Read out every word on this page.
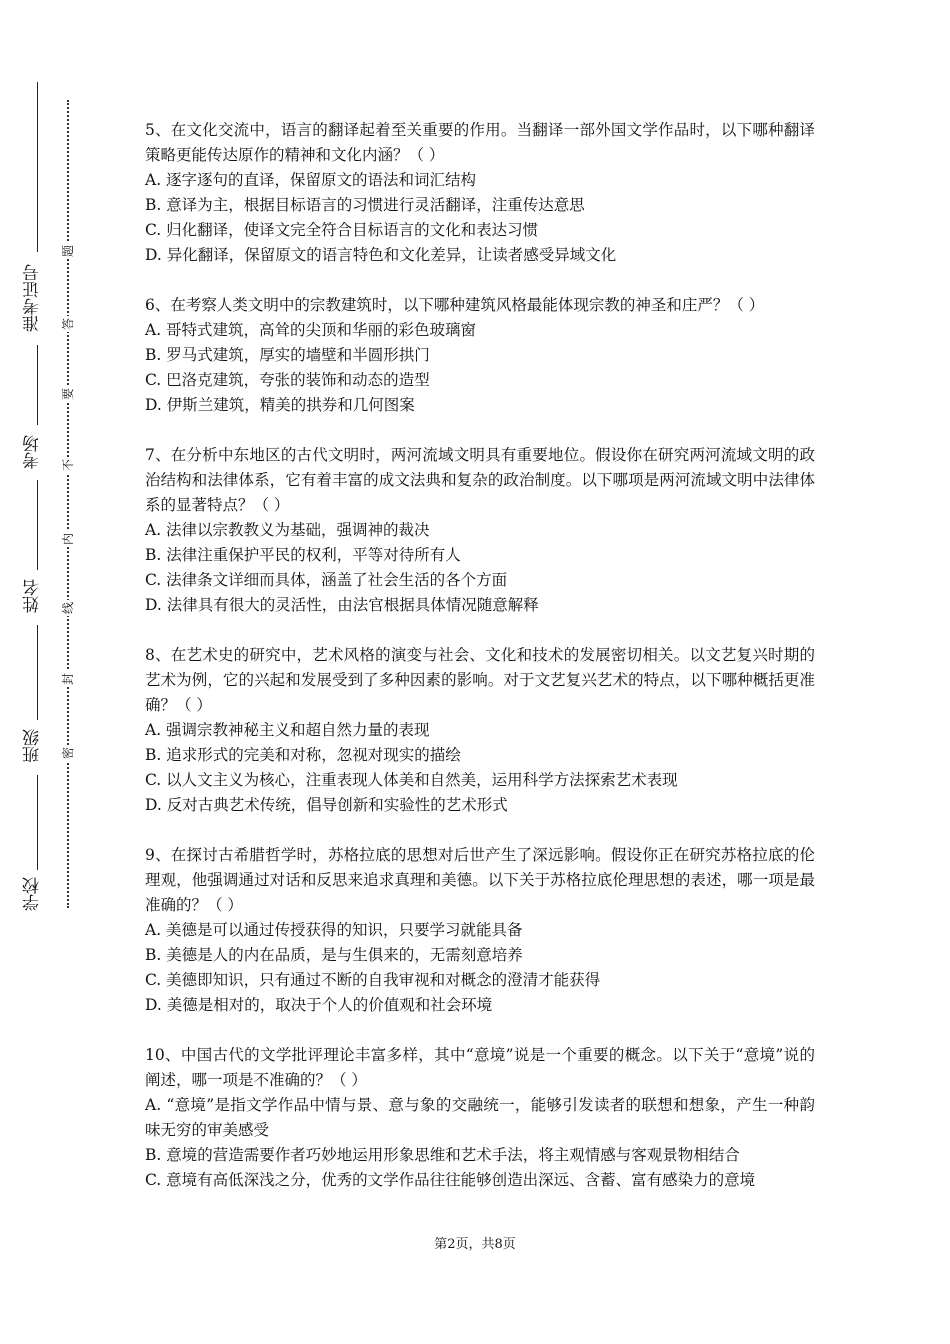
准考证号
考场
姓名
班级
学校
题
答
要
不
内
线
封
密
5、在文化交流中，语言的翻译起着至关重要的作用。当翻译一部外国文学作品时，以下哪种翻译策略更能传达原作的精神和文化内涵？（ ）
A. 逐字逐句的直译，保留原文的语法和词汇结构
B. 意译为主，根据目标语言的习惯进行灵活翻译，注重传达意思
C. 归化翻译，使译文完全符合目标语言的文化和表达习惯
D. 异化翻译，保留原文的语言特色和文化差异，让读者感受异域文化
6、在考察人类文明中的宗教建筑时，以下哪种建筑风格最能体现宗教的神圣和庄严？（ ）
A. 哥特式建筑，高耸的尖顶和华丽的彩色玻璃窗
B. 罗马式建筑，厚实的墙壁和半圆形拱门
C. 巴洛克建筑，夸张的装饰和动态的造型
D. 伊斯兰建筑，精美的拱券和几何图案
7、在分析中东地区的古代文明时，两河流域文明具有重要地位。假设你在研究两河流域文明的政治结构和法律体系，它有着丰富的成文法典和复杂的政治制度。以下哪项是两河流域文明中法律体系的显著特点？（ ）
A. 法律以宗教教义为基础，强调神的裁决
B. 法律注重保护平民的权利，平等对待所有人
C. 法律条文详细而具体，涵盖了社会生活的各个方面
D. 法律具有很大的灵活性，由法官根据具体情况随意解释
8、在艺术史的研究中，艺术风格的演变与社会、文化和技术的发展密切相关。以文艺复兴时期的艺术为例，它的兴起和发展受到了多种因素的影响。对于文艺复兴艺术的特点，以下哪种概括更准确？（ ）
A. 强调宗教神秘主义和超自然力量的表现
B. 追求形式的完美和对称，忽视对现实的描绘
C. 以人文主义为核心，注重表现人体美和自然美，运用科学方法探索艺术表现
D. 反对古典艺术传统，倡导创新和实验性的艺术形式
9、在探讨古希腊哲学时，苏格拉底的思想对后世产生了深远影响。假设你正在研究苏格拉底的伦理观，他强调通过对话和反思来追求真理和美德。以下关于苏格拉底伦理思想的表述，哪一项是最准确的？（ ）
A. 美德是可以通过传授获得的知识，只要学习就能具备
B. 美德是人的内在品质，是与生俱来的，无需刻意培养
C. 美德即知识，只有通过不断的自我审视和对概念的澄清才能获得
D. 美德是相对的，取决于个人的价值观和社会环境
10、中国古代的文学批评理论丰富多样，其中“意境”说是一个重要的概念。以下关于“意境”说的阐述，哪一项是不准确的？（ ）
A. “意境”是指文学作品中情与景、意与象的交融统一，能够引发读者的联想和想象，产生一种韵味无穷的审美感受
B. 意境的营造需要作者巧妙地运用形象思维和艺术手法，将主观情感与客观景物相结合
C. 意境有高低深浅之分，优秀的文学作品往往能够创造出深远、含蓄、富有感染力的意境
第2页，共8页
